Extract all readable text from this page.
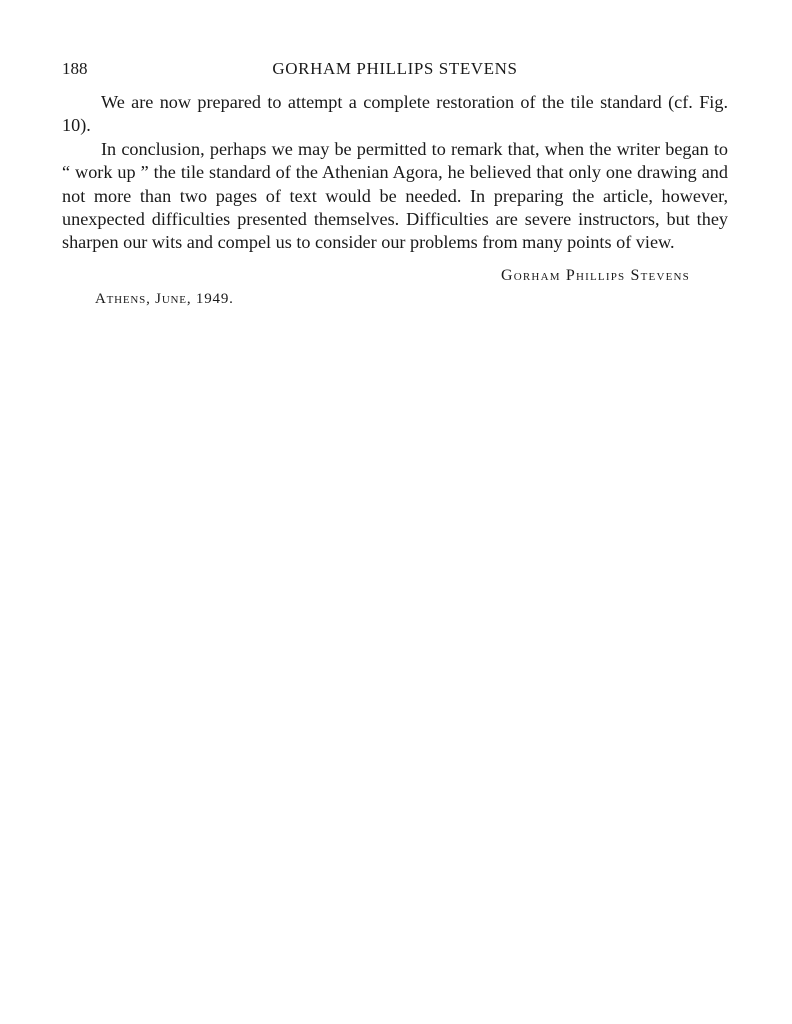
188	GORHAM PHILLIPS STEVENS

We are now prepared to attempt a complete restoration of the tile standard (cf. Fig. 10).

In conclusion, perhaps we may be permitted to remark that, when the writer began to “ work up ” the tile standard of the Athenian Agora, he believed that only one drawing and not more than two pages of text would be needed. In preparing the article, however, unexpected difficulties presented themselves. Difficulties are severe instructors, but they sharpen our wits and compel us to consider our problems from many points of view.

Gorham Phillips Stevens
Athens, June, 1949.
